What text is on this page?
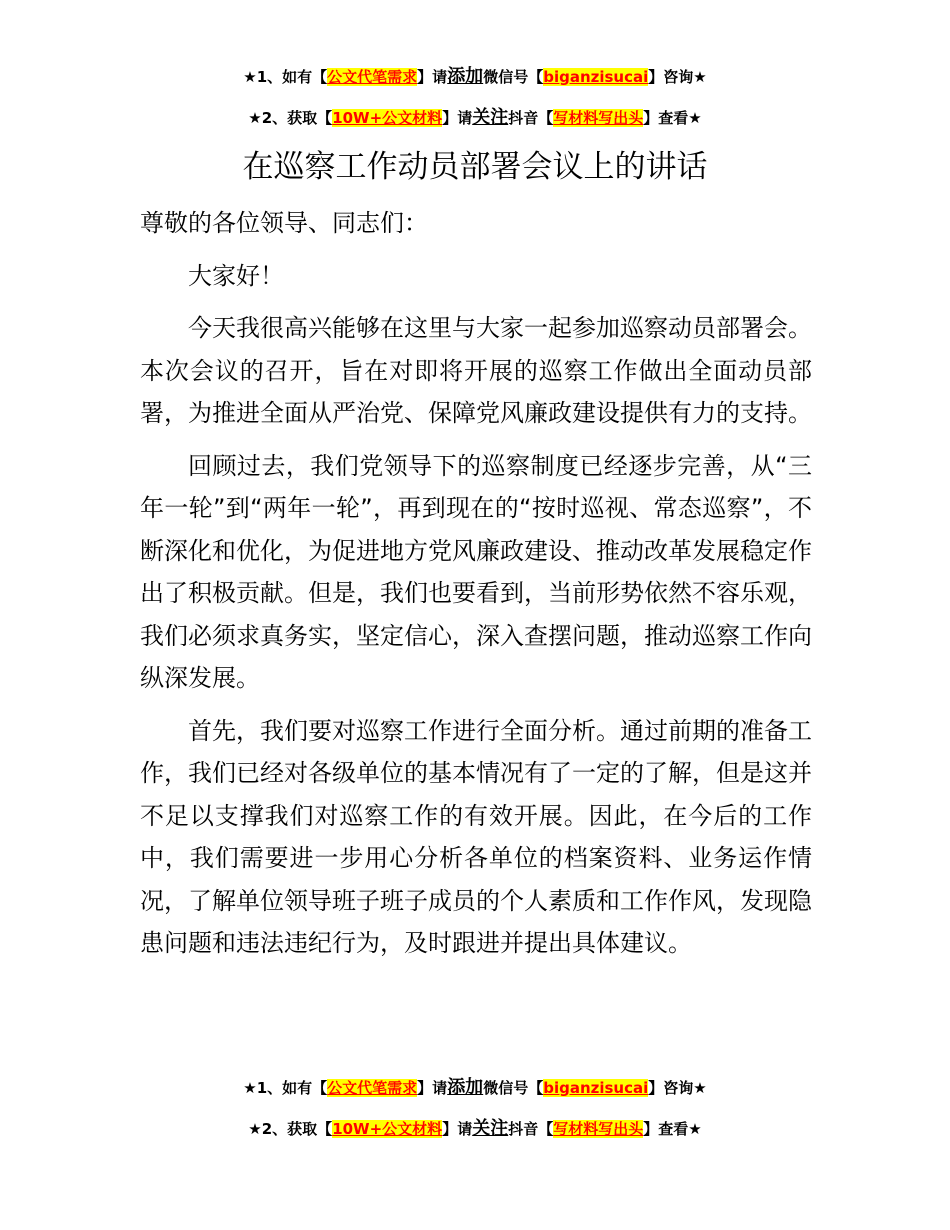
★1、如有【公文代笔需求】请添加微信号【biganzisucai】咨询★
★2、获取【10W+公文材料】请关注抖音【写材料写出头】查看★
在巡察工作动员部署会议上的讲话

尊敬的各位领导、同志们：

大家好！

今天我很高兴能够在这里与大家一起参加巡察动员部署会。本次会议的召开，旨在对即将开展的巡察工作做出全面动员部署，为推进全面从严治党、保障党风廉政建设提供有力的支持。

回顾过去，我们党领导下的巡察制度已经逐步完善，从“三年一轮”到“两年一轮”，再到现在的“按时巡视、常态巡察”，不断深化和优化，为促进地方党风廉政建设、推动改革发展稳定作出了积极贡献。但是，我们也要看到，当前形势依然不容乐观，我们必须求真务实，坚定信心，深入查摆问题，推动巡察工作向纵深发展。

首先，我们要对巡察工作进行全面分析。通过前期的准备工作，我们已经对各级单位的基本情况有了一定的了解，但是这并不足以支撑我们对巡察工作的有效开展。因此，在今后的工作中，我们需要进一步用心分析各单位的档案资料、业务运作情况，了解单位领导班子班子成员的个人素质和工作作风，发现隐患问题和违法违纪行为，及时跟进并提出具体建议。

★1、如有【公文代笔需求】请添加微信号【biganzisucai】咨询★
★2、获取【10W+公文材料】请关注抖音【写材料写出头】查看★
